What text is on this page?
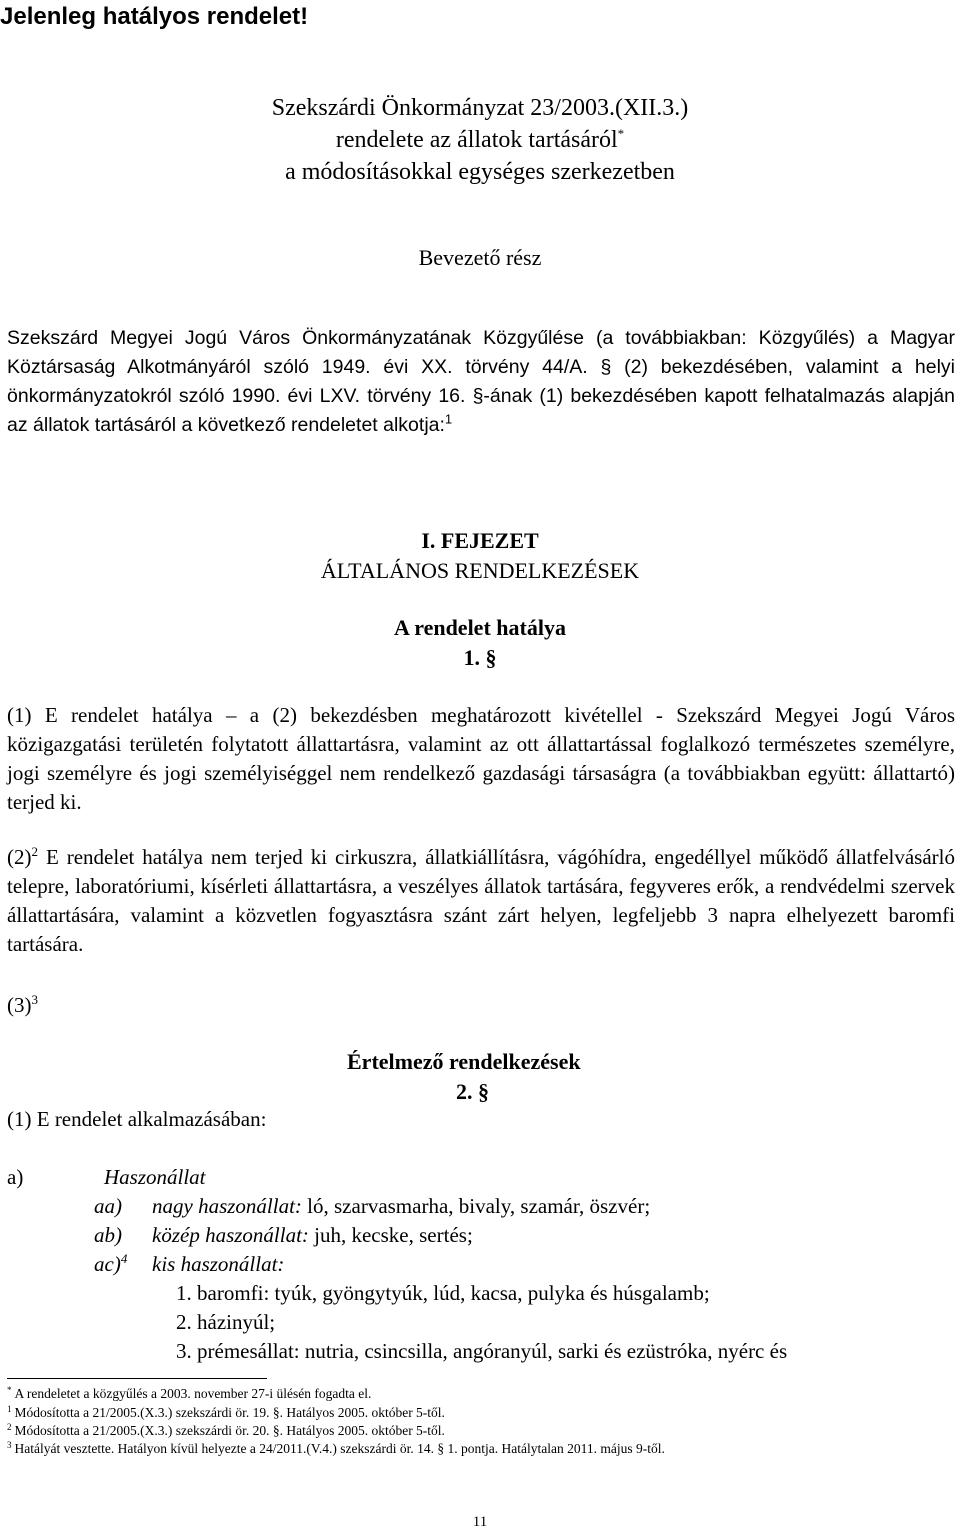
Jelenleg hatályos rendelet!
Szekszárdi Önkormányzat 23/2003.(XII.3.)
rendelete az állatok tartásáról*
a módosításokkal egységes szerkezetben
Bevezető rész
Szekszárd Megyei Jogú Város Önkormányzatának Közgyűlése (a továbbiakban: Közgyűlés) a Magyar Köztársaság Alkotmányáról szóló 1949. évi XX. törvény 44/A. § (2) bekezdésében, valamint a helyi önkormányzatokról szóló 1990. évi LXV. törvény 16. §-ának (1) bekezdésében kapott felhatalmazás alapján az állatok tartásáról a következő rendeletet alkotja:$^1$
I. FEJEZET
ÁLTALÁNOS RENDELKEZÉSEK
A rendelet hatálya
1. §
(1) E rendelet hatálya – a (2) bekezdésben meghatározott kivétellel - Szekszárd Megyei Jogú Város közigazgatási területén folytatott állattartásra, valamint az ott állattartással foglalkozó természetes személyre, jogi személyre és jogi személyiséggel nem rendelkező gazdasági társaságra (a továbbiakban együtt: állattartó) terjed ki.
$(2)^2$ E rendelet hatálya nem terjed ki cirkuszra, állatkiállításra, vágóhídra, engedéllyel működő állatfelvásárló telepre, laboratóriumi, kísérleti állattartásra, a veszélyes állatok tartására, fegyveres erők, a rendvédelmi szervek állattartására, valamint a közvetlen fogyasztásra szánt zárt helyen, legfeljebb 3 napra elhelyezett baromfi tartására.
$(3)^3$
Értelmező rendelkezések
2. §
(1) E rendelet alkalmazásában:
a)	Haszonállat
aa) nagy haszonállat: ló, szarvasmarha, bivaly, szamár, öszvér;
ab) közép haszonállat: juh, kecske, sertés;
ac)$^4$ kis haszonállat:
1. baromfi: tyúk, gyöngytyúk, lúd, kacsa, pulyka és húsgalamb;
2. házinyúl;
3. prémesállat: nutria, csincsilla, angóranyúl, sarki és ezüstróka, nyérc és
* A rendeletet a közgyűlés a 2003. november 27-i ülésén fogadta el.
$^1$ Módosította a 21/2005.(X.3.) szekszárdi ör. 19. §. Hatályos 2005. október 5-től.
$^2$ Módosította a 21/2005.(X.3.) szekszárdi ör. 20. §. Hatályos 2005. október 5-től.
$^3$ Hatályát vesztette. Hatályon kívül helyezte a 24/2011.(V.4.) szekszárdi ör. 14. § 1. pontja. Hatálytalan 2011. május 9-től.
11
